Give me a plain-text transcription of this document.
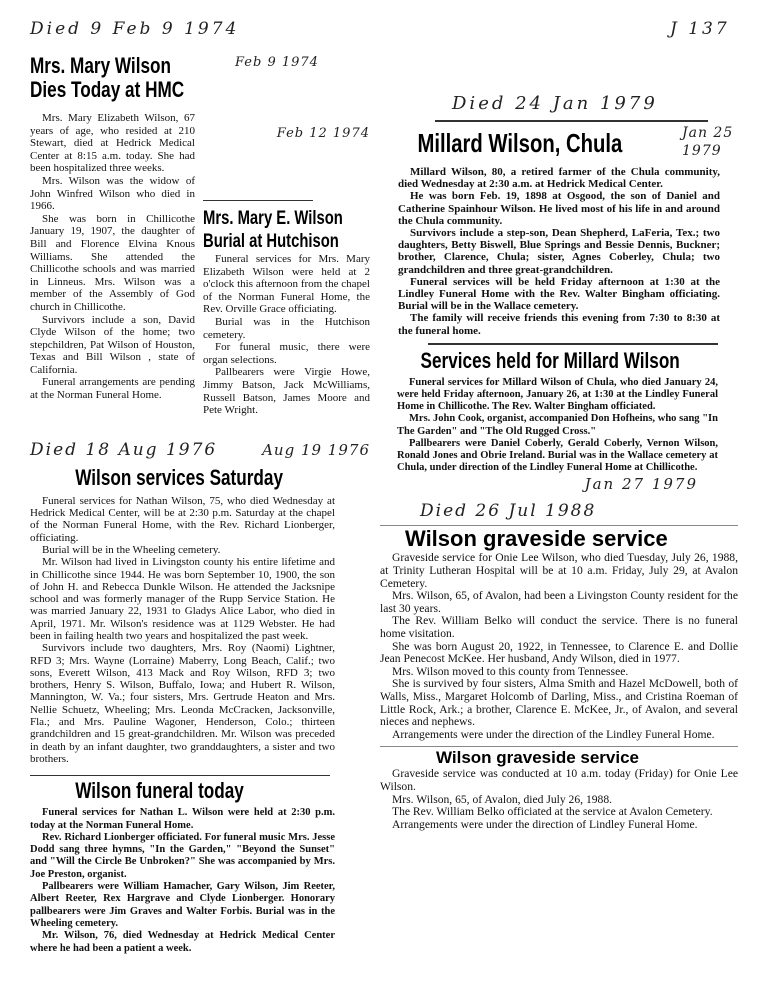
J 137
Died 9 Feb 9 1974
Mrs. Mary Wilson
Dies Today at HMC

Mrs. Mary Elizabeth Wilson, 67 years of age, who resided at 210 Stewart, died at Hedrick Medical Center at 8:15 a.m. today. She had been hospitalized three weeks.

Mrs. Wilson was the widow of John Winfred Wilson who died in 1966.

She was born in Chillicothe January 19, 1907, the daughter of Bill and Florence Elvina Knous Williams. She attended the Chillicothe schools and was married in Linneus. Mrs. Wilson was a member of the Assembly of God church in Chillicothe.

Survivors include a son, David Clyde Wilson of the home; two stepchildren, Pat Wilson of Houston, Texas and Bill Wilson , state of California.

Funeral arrangements are pending at the Norman Funeral Home.

Feb 12 1974
Mrs. Mary E. Wilson
Burial at Hutchison

Funeral services for Mrs. Mary Elizabeth Wilson were held at 2 o'clock this afternoon from the chapel of the Norman Funeral Home, the Rev. Orville Grace officiating.

Burial was in the Hutchison cemetery.

For funeral music, there were organ selections.

Pallbearers were Virgie Howe, Jimmy Batson, Jack McWilliams, Russell Batson, James Moore and Pete Wright.

Feb 9 1974
Died 18 Aug 1976	Aug 19 1976
Wilson services Saturday

Funeral services for Nathan Wilson, 75, who died Wednesday at Hedrick Medical Center, will be at 2:30 p.m. Saturday at the chapel of the Norman Funeral Home, with the Rev. Richard Lionberger, officiating.

Burial will be in the Wheeling cemetery.

Mr. Wilson had lived in Livingston county his entire lifetime and in Chillicothe since 1944. He was born September 10, 1900, the son of John H. and Rebecca Dunkle Wilson. He attended the Jacksnipe school and was formerly manager of the Rupp Service Station. He was married January 22, 1931 to Gladys Alice Labor, who died in April, 1971. Mr. Wilson's residence was at 1129 Webster. He had been in failing health two years and hospitalized the past week.

Survivors include two daughters, Mrs. Roy (Naomi) Lightner, RFD 3; Mrs. Wayne (Lorraine) Maberry, Long Beach, Calif.; two sons, Everett Wilson, 413 Mack and Roy Wilson, RFD 3; two brothers, Henry S. Wilson, Buffalo, Iowa; and Hubert R. Wilson, Mannington, W. Va.; four sisters, Mrs. Gertrude Heaton and Mrs. Nellie Schuetz, Wheeling; Mrs. Leonda McCracken, Jacksonville, Fla.; and Mrs. Pauline Wagoner, Henderson, Colo.; thirteen grandchildren and 15 great-grandchildren. Mr. Wilson was preceded in death by an infant daughter, two granddaughters, a sister and two brothers.

Wilson funeral today

Funeral services for Nathan L. Wilson were held at 2:30 p.m. today at the Norman Funeral Home.

Rev. Richard Lionberger officiated. For funeral music Mrs. Jesse Dodd sang three hymns, "In the Garden," "Beyond the Sunset" and "Will the Circle Be Unbroken?" She was accompanied by Mrs. Joe Preston, organist.

Pallbearers were William Hamacher, Gary Wilson, Jim Reeter, Albert Reeter, Rex Hargrave and Clyde Lionberger. Honorary pallbearers were Jim Graves and Walter Forbis. Burial was in the Wheeling cemetery.

Mr. Wilson, 76, died Wednesday at Hedrick Medical Center where he had been a patient a week.

Died 24 Jan 1979
Millard Wilson, Chula	Jan 25 1979

Millard Wilson, 80, a retired farmer of the Chula community, died Wednesday at 2:30 a.m. at Hedrick Medical Center.

He was born Feb. 19, 1898 at Osgood, the son of Daniel and Catherine Spainhour Wilson. He lived most of his life in and around the Chula community.

Survivors include a step-son, Dean Shepherd, LaFeria, Tex.; two daughters, Betty Biswell, Blue Springs and Bessie Dennis, Buckner; brother, Clarence, Chula; sister, Agnes Coberley, Chula; two grandchildren and three great-grandchildren.

Funeral services will be held Friday afternoon at 1:30 at the Lindley Funeral Home with the Rev. Walter Bingham officiating. Burial will be in the Wallace cemetery.

The family will receive friends this evening from 7:30 to 8:30 at the funeral home.

Services held for Millard Wilson

Funeral services for Millard Wilson of Chula, who died January 24, were held Friday afternoon, January 26, at 1:30 at the Lindley Funeral Home in Chillicothe. The Rev. Walter Bingham officiated.

Mrs. John Cook, organist, accompanied Don Hofheins, who sang "In The Garden" and "The Old Rugged Cross."

Pallbearers were Daniel Coberly, Gerald Coberly, Vernon Wilson, Ronald Jones and Obrie Ireland. Burial was in the Wallace cemetery at Chula, under direction of the Lindley Funeral Home at Chillicothe.

Jan 27 1979
Died 26 Jul 1988
Wilson graveside service

Graveside service for Onie Lee Wilson, who died Tuesday, July 26, 1988, at Trinity Lutheran Hospital will be at 10 a.m. Friday, July 29, at Avalon Cemetery.

Mrs. Wilson, 65, of Avalon, had been a Livingston County resident for the last 30 years.

The Rev. William Belko will conduct the service. There is no funeral home visitation.

She was born August 20, 1922, in Tennessee, to Clarence E. and Dollie Jean Penecost McKee. Her husband, Andy Wilson, died in 1977.

Mrs. Wilson moved to this county from Tennessee.

She is survived by four sisters, Alma Smith and Hazel McDowell, both of Walls, Miss., Margaret Holcomb of Darling, Miss., and Cristina Roeman of Little Rock, Ark.; a brother, Clarence E. McKee, Jr., of Avalon, and several nieces and nephews.

Arrangements were under the direction of the Lindley Funeral Home.

Wilson graveside service

Graveside service was conducted at 10 a.m. today (Friday) for Onie Lee Wilson.

Mrs. Wilson, 65, of Avalon, died July 26, 1988.

The Rev. William Belko officiated at the service at Avalon Cemetery.

Arrangements were under the direction of Lindley Funeral Home.
